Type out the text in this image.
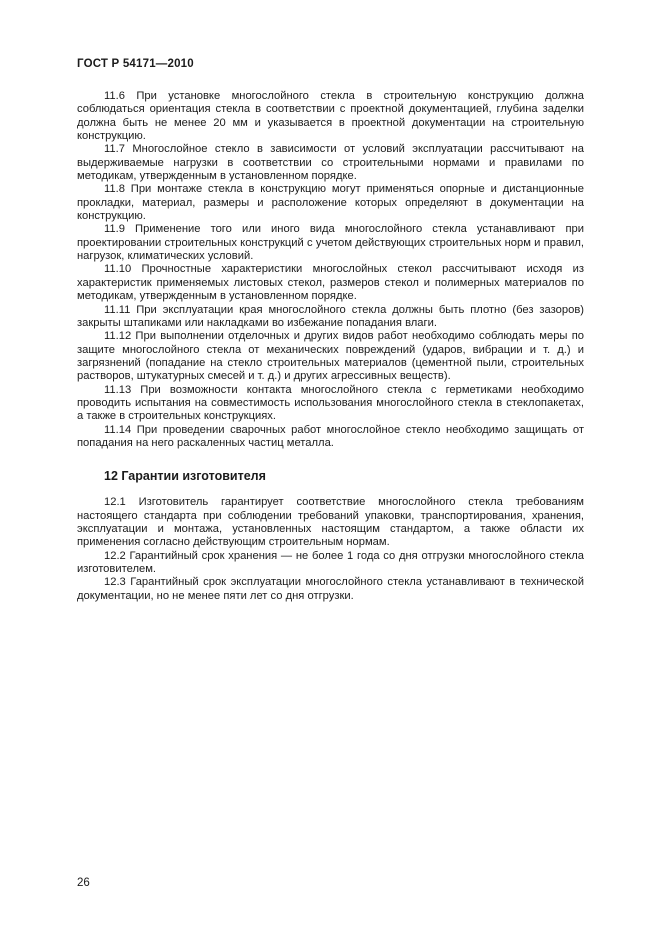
ГОСТ Р 54171—2010

11.6 При установке многослойного стекла в строительную конструкцию должна соблюдаться ориентация стекла в соответствии с проектной документацией, глубина заделки должна быть не менее 20 мм и указывается в проектной документации на строительную конструкцию.

11.7 Многослойное стекло в зависимости от условий эксплуатации рассчитывают на выдерживаемые нагрузки в соответствии со строительными нормами и правилами по методикам, утвержденным в установленном порядке.

11.8 При монтаже стекла в конструкцию могут применяться опорные и дистанционные прокладки, материал, размеры и расположение которых определяют в документации на конструкцию.

11.9 Применение того или иного вида многослойного стекла устанавливают при проектировании строительных конструкций с учетом действующих строительных норм и правил, нагрузок, климатических условий.

11.10 Прочностные характеристики многослойных стекол рассчитывают исходя из характеристик применяемых листовых стекол, размеров стекол и полимерных материалов по методикам, утвержденным в установленном порядке.

11.11 При эксплуатации края многослойного стекла должны быть плотно (без зазоров) закрыты штапиками или накладками во избежание попадания влаги.

11.12 При выполнении отделочных и других видов работ необходимо соблюдать меры по защите многослойного стекла от механических повреждений (ударов, вибрации и т. д.) и загрязнений (попадание на стекло строительных материалов (цементной пыли, строительных растворов, штукатурных смесей и т. д.) и других агрессивных веществ).

11.13 При возможности контакта многослойного стекла с герметиками необходимо проводить испытания на совместимость использования многослойного стекла в стеклопакетах, а также в строительных конструкциях.

11.14 При проведении сварочных работ многослойное стекло необходимо защищать от попадания на него раскаленных частиц металла.

12 Гарантии изготовителя

12.1 Изготовитель гарантирует соответствие многослойного стекла требованиям настоящего стандарта при соблюдении требований упаковки, транспортирования, хранения, эксплуатации и монтажа, установленных настоящим стандартом, а также области их применения согласно действующим строительным нормам.

12.2 Гарантийный срок хранения — не более 1 года со дня отгрузки многослойного стекла изготовителем.

12.3 Гарантийный срок эксплуатации многослойного стекла устанавливают в технической документации, но не менее пяти лет со дня отгрузки.

26
